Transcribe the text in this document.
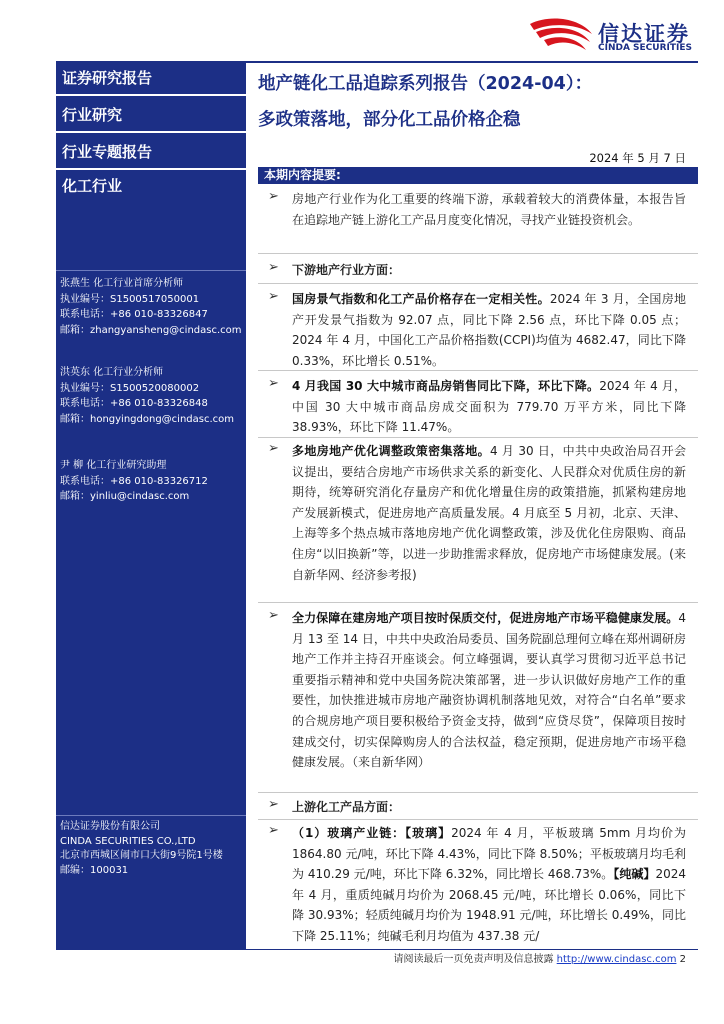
信达证券
CINDA SECURITIES
证券研究报告
行业研究
行业专题报告
化工行业
张燕生 化工行业首席分析师
执业编号：S1500517050001
联系电话：+86 010-83326847
邮箱：zhangyansheng@cindasc.com
洪英东 化工行业分析师
执业编号：S1500520080002
联系电话：+86 010-83326848
邮箱：hongyingdong@cindasc.com
尹 柳 化工行业研究助理
联系电话：+86 010-83326712
邮箱：yinliu@cindasc.com
信达证券股份有限公司
CINDA SECURITIES CO.,LTD
北京市西城区闹市口大街9号院1号楼
邮编：100031
地产链化工品追踪系列报告（2024-04）：
多政策落地，部分化工品价格企稳
2024 年 5 月 7 日
本期内容提要:
➢ 房地产行业作为化工重要的终端下游，承载着较大的消费体量，本报告旨在追踪地产链上游化工产品月度变化情况，寻找产业链投资机会。
➢ 下游地产行业方面：
➢ 国房景气指数和化工产品价格存在一定相关性。2024 年 3 月，全国房地产开发景气指数为 92.07 点，同比下降 2.56 点，环比下降 0.05 点；2024 年 4 月，中国化工产品价格指数(CCPI)均值为 4682.47，同比下降 0.33%，环比增长 0.51%。
➢ 4 月我国 30 大中城市商品房销售同比下降，环比下降。2024 年 4 月，中国 30 大中城市商品房成交面积为 779.70 万平方米，同比下降 38.93%，环比下降 11.47%。
➢ 多地房地产优化调整政策密集落地。4 月 30 日，中共中央政治局召开会议提出，要结合房地产市场供求关系的新变化、人民群众对优质住房的新期待，统筹研究消化存量房产和优化增量住房的政策措施，抓紧构建房地产发展新模式，促进房地产高质量发展。4 月底至 5 月初，北京、天津、上海等多个热点城市落地房地产优化调整政策，涉及优化住房限购、商品住房“以旧换新”等，以进一步助推需求释放，促房地产市场健康发展。(来自新华网、经济参考报)
➢ 全力保障在建房地产项目按时保质交付，促进房地产市场平稳健康发展。4 月 13 至 14 日，中共中央政治局委员、国务院副总理何立峰在郑州调研房地产工作并主持召开座谈会。何立峰强调，要认真学习贯彻习近平总书记重要指示精神和党中央国务院决策部署，进一步认识做好房地产工作的重要性，加快推进城市房地产融资协调机制落地见效，对符合“白名单”要求的合规房地产项目要积极给予资金支持，做到“应贷尽贷”，保障项目按时建成交付，切实保障购房人的合法权益，稳定预期，促进房地产市场平稳健康发展。（来自新华网）
➢ 上游化工产品方面：
➢ （1）玻璃产业链：【玻璃】2024 年 4 月，平板玻璃 5mm 月均价为 1864.80 元/吨，环比下降 4.43%，同比下降 8.50%；平板玻璃月均毛利为 410.29 元/吨，环比下降 6.32%，同比增长 468.73%。【纯碱】2024 年 4 月，重质纯碱月均价为 2068.45 元/吨，环比增长 0.06%，同比下降 30.93%；轻质纯碱月均价为 1948.91 元/吨，环比增长 0.49%，同比下降 25.11%；纯碱毛利月均值为 437.38 元/
请阅读最后一页免责声明及信息披露 http://www.cindasc.com 2
